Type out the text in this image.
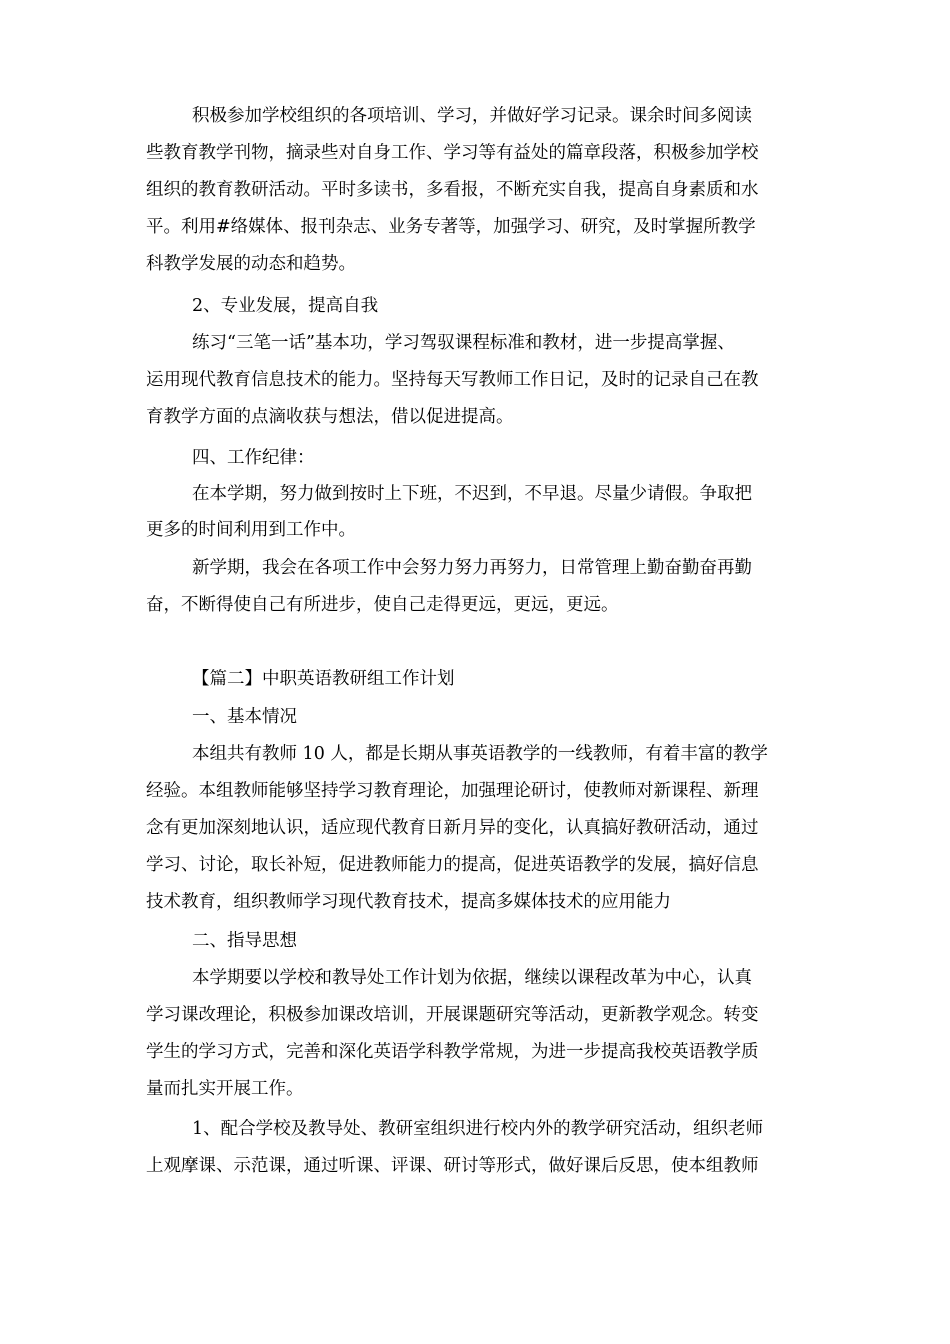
积极参加学校组织的各项培训、学习，并做好学习记录。课余时间多阅读

些教育教学刊物，摘录些对自身工作、学习等有益处的篇章段落，积极参加学校

组织的教育教研活动。平时多读书，多看报，不断充实自我，提高自身素质和水

平。利用#络媒体、报刊杂志、业务专著等，加强学习、研究，及时掌握所教学

科教学发展的动态和趋势。

2、专业发展，提高自我

练习“三笔一话”基本功，学习驾驭课程标准和教材，进一步提高掌握、

运用现代教育信息技术的能力。坚持每天写教师工作日记，及时的记录自己在教

育教学方面的点滴收获与想法，借以促进提高。

四、工作纪律：

在本学期，努力做到按时上下班，不迟到，不早退。尽量少请假。争取把

更多的时间利用到工作中。

新学期，我会在各项工作中会努力努力再努力，日常管理上勤奋勤奋再勤

奋，不断得使自己有所进步，使自己走得更远，更远，更远。

【篇二】中职英语教研组工作计划

一、基本情况

本组共有教师 10 人，都是长期从事英语教学的一线教师，有着丰富的教学

经验。本组教师能够坚持学习教育理论，加强理论研讨，使教师对新课程、新理

念有更加深刻地认识，适应现代教育日新月异的变化，认真搞好教研活动，通过

学习、讨论，取长补短，促进教师能力的提高，促进英语教学的发展，搞好信息

技术教育，组织教师学习现代教育技术，提高多媒体技术的应用能力

二、指导思想

本学期要以学校和教导处工作计划为依据，继续以课程改革为中心，认真

学习课改理论，积极参加课改培训，开展课题研究等活动，更新教学观念。转变

学生的学习方式，完善和深化英语学科教学常规，为进一步提高我校英语教学质

量而扎实开展工作。

1、配合学校及教导处、教研室组织进行校内外的教学研究活动，组织老师

上观摩课、示范课，通过听课、评课、研讨等形式，做好课后反思，使本组教师
